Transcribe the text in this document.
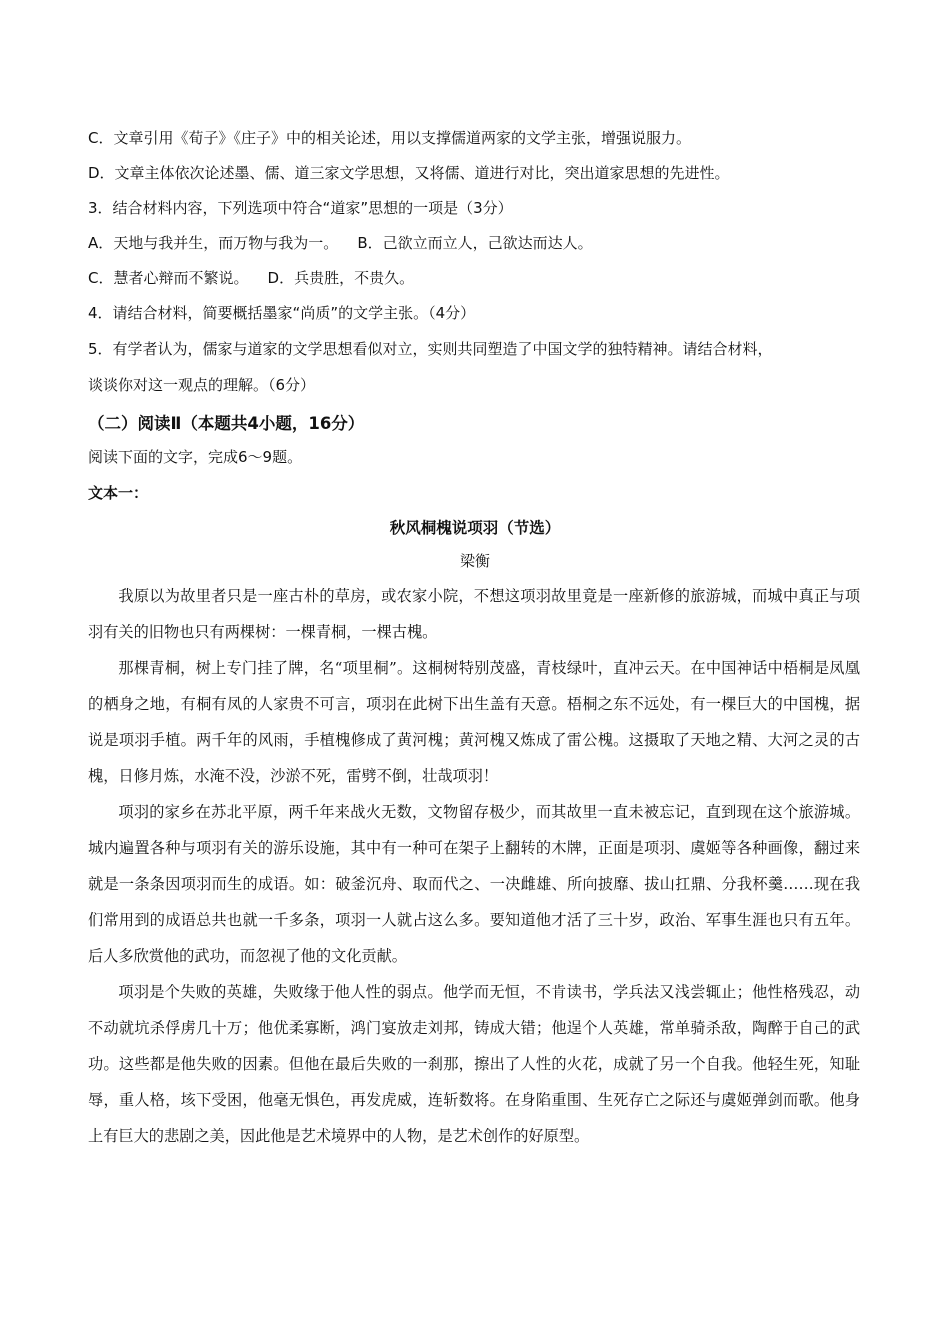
C．文章引用《荀子》《庄子》中的相关论述，用以支撑儒道两家的文学主张，增强说服力。
D．文章主体依次论述墨、儒、道三家文学思想，又将儒、道进行对比，突出道家思想的先进性。
3．结合材料内容，下列选项中符合“道家”思想的一项是（3分）
A．天地与我并生，而万物与我为一。    B．己欲立而立人，己欲达而达人。
C．慧者心辩而不繁说。    D．兵贵胜，不贵久。
4．请结合材料，简要概括墨家“尚质”的文学主张。（4分）
5．有学者认为，儒家与道家的文学思想看似对立，实则共同塑造了中国文学的独特精神。请结合材料，
谈谈你对这一观点的理解。（6分）
（二）阅读Ⅱ（本题共4小题，16分）
阅读下面的文字，完成6～9题。
文本一：
秋风桐槐说项羽（节选）
梁衡

我原以为故里者只是一座古朴的草房，或农家小院，不想这项羽故里竟是一座新修的旅游城，而城中真正与项羽有关的旧物也只有两棵树：一棵青桐，一棵古槐。

那棵青桐，树上专门挂了牌，名“项里桐”。这桐树特别茂盛，青枝绿叶，直冲云天。在中国神话中梧桐是凤凰的栖身之地，有桐有凤的人家贵不可言，项羽在此树下出生盖有天意。梧桐之东不远处，有一棵巨大的中国槐，据说是项羽手植。两千年的风雨，手植槐修成了黄河槐；黄河槐又炼成了雷公槐。这摄取了天地之精、大河之灵的古槐，日修月炼，水淹不没，沙淤不死，雷劈不倒，壮哉项羽！

项羽的家乡在苏北平原，两千年来战火无数，文物留存极少，而其故里一直未被忘记，直到现在这个旅游城。城内遍置各种与项羽有关的游乐设施，其中有一种可在架子上翻转的木牌，正面是项羽、虞姬等各种画像，翻过来就是一条条因项羽而生的成语。如：破釜沉舟、取而代之、一决雌雄、所向披靡、拔山扛鼎、分我杯羹……现在我们常用到的成语总共也就一千多条，项羽一人就占这么多。要知道他才活了三十岁，政治、军事生涯也只有五年。后人多欣赏他的武功，而忽视了他的文化贡献。

项羽是个失败的英雄，失败缘于他人性的弱点。他学而无恒，不肯读书，学兵法又浅尝辄止；他性格残忍，动不动就坑杀俘虏几十万；他优柔寡断，鸿门宴放走刘邦，铸成大错；他逞个人英雄，常单骑杀敌，陶醉于自己的武功。这些都是他失败的因素。但他在最后失败的一刹那，擦出了人性的火花，成就了另一个自我。他轻生死，知耻辱，重人格，垓下受困，他毫无惧色，再发虎威，连斩数将。在身陷重围、生死存亡之际还与虞姬弹剑而歌。他身上有巨大的悲剧之美，因此他是艺术境界中的人物，是艺术创作的好原型。
